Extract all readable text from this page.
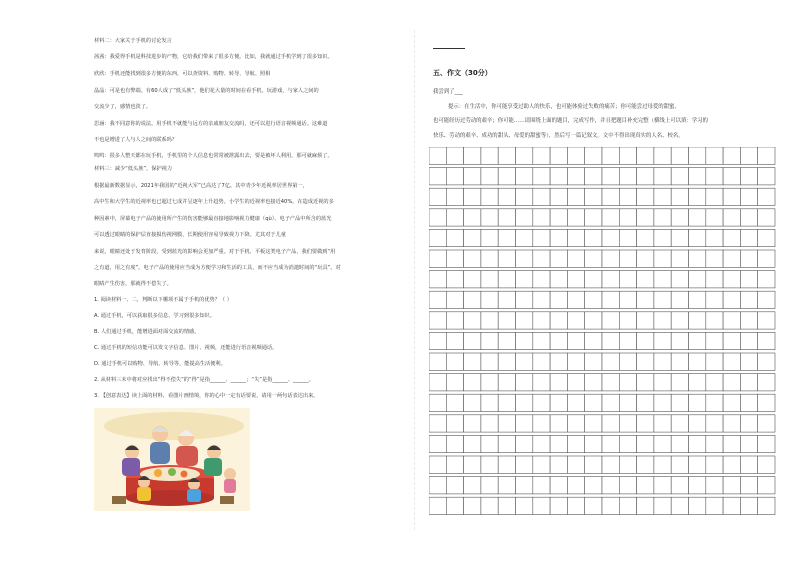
材料二：大家关于手机的讨论发言
茜茜：我爱得手机是科技进步的产物，它给我们带来了很多方便。比如，我就通过手机学到了很多知识。
欣欣：手机还能找到很多方便的东西，可以查资料、购物、转导、导航、照相
晶晶：可是也有弊端。有60人成了“低头族”，他们花大量的时间在看手机，玩游戏，与家人之间的
交流少了，感情也淡了。
思涵：我不同意你的说法。用手机不就能与远方的亲戚朋友交流吗，还可以进行语音视频通话。这难道
不也是增进了人与人之间的联系吗？
鸣鸣：很多人整天都在玩手机，手机里的个人信息也常常被泄露出去，要是被坏人利用，那可就麻烦了。
材料三：减少“低头族”，保护视力
根据最新数据显示，2021年我国的“近视大军”已高达了7亿。其中青少年近视率居世界第一，
高中生和大学生的近视率也已超过七成并呈逐年上升趋势。小学生的近视率也接近40%。在造成近视的多
种因素中，屏幕电子产品的使用所产生的伤害能够最直接地影响视力健康（qù）。电子产品中所含的蓝光
可以透过眼睛的保护层直接损伤视网膜，长期使用容易导致视力下降。尤其对于儿童
来说，眼睛还处于发育阶段，受到蓝光的影响会更加严重。对于手机、平板这类电子产品，我们要做到“用
之有道，用之有度”。电子产品的使用应当成为方便学习和生活的工具，而不应当成为消遣时间的“玩具”。对
眼睛产生伤害，那就得不偿失了。
1. 阅读材料一、二，判断以下哪项不属于手机的优势？（ ）
A. 通过手机，可以获取很多信息，学习到很多知识。
B. 人们通过手机，能增进面对面交流的情感。
C. 通过手机的短信功能可以发文字信息、图片、视频，还能进行语音视频通话。
D. 通过手机可以购物、导航、转导等，能提高生活便利。
2. 从材料三末中将对应找出“得不偿失”的“得”是指______、______；“失”是指______、______。
3. 【创意表达】读上面的材料，看图片画情境，你的心中一定有话要说，请用一两句话表达出来。
五、作文（30分）
我尝到了___
提示：在生活中，你可能享受过助人的快乐，也可能体验过失败的痛苦；你可能尝过母爱的甜蜜，
也可能经历过劳动的艰辛；你可能……请围绕上面的题目，完成写作，并且把题目补充完整（横线上可以填：学习的
快乐、劳动的艰辛、成功的甜头、母爱的甜蜜等），然后写一篇记叙文。文中不得出现真实的人名、校名。
